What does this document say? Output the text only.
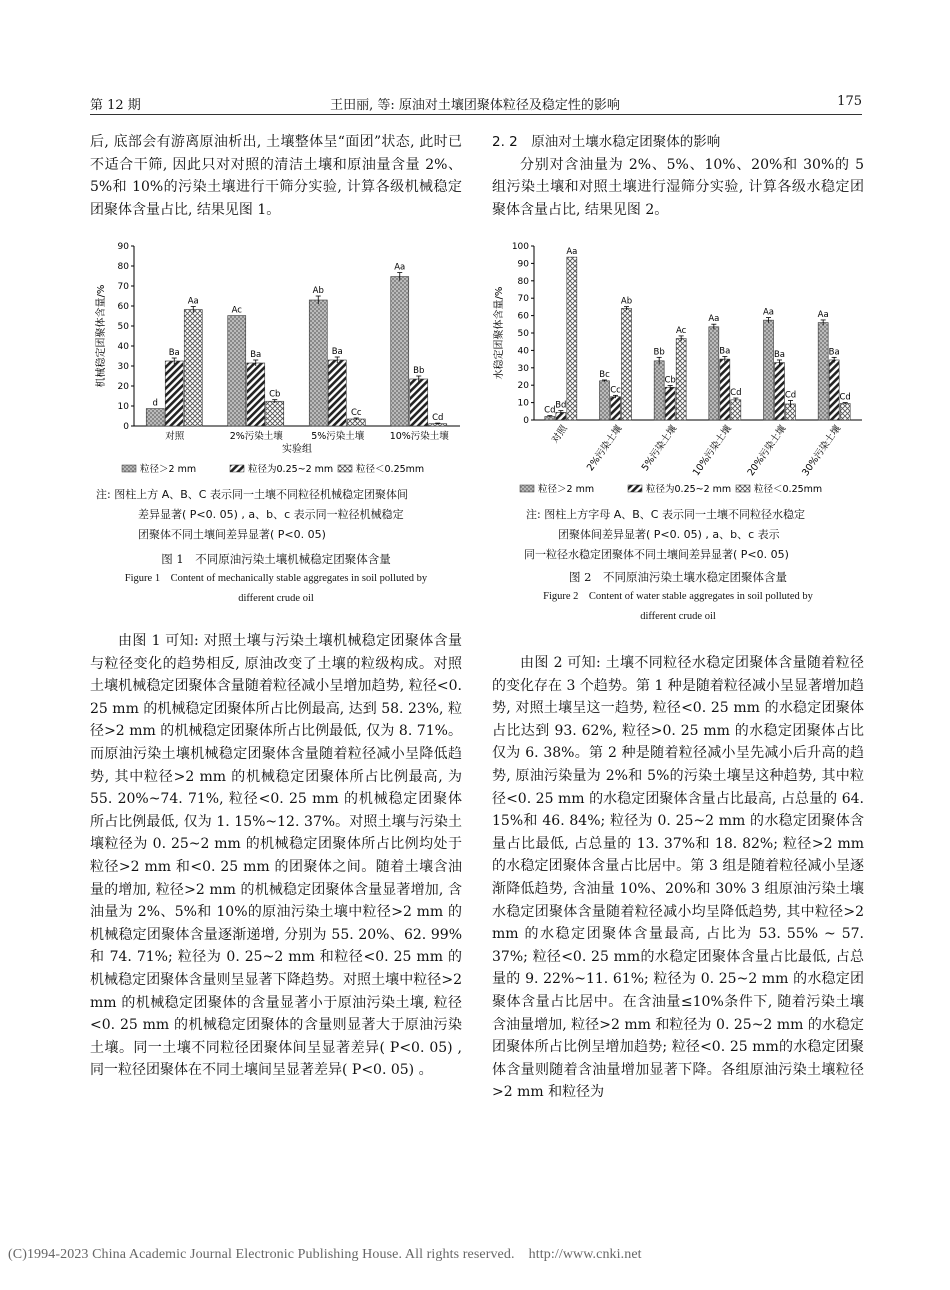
第 12 期	王田丽, 等: 原油对土壤团聚体粒径及稳定性的影响	175

后, 底部会有游离原油析出, 土壤整体呈“面团”状态, 此时已不适合干筛, 因此只对对照的清洁土壤和原油量含量 2%、5%和 10%的污染土壤进行干筛分实验, 计算各级机械稳定团聚体含量占比, 结果见图 1。

0
10
20
30
40
50
60
70
80
90
机械稳定团聚体含量/%
d
Ba
Aa
对照
Ac
Ba
Cb
2%污染土壤
Ab
Ba
Cc
5%污染土壤
Aa
Bb
Cd
10%污染土壤
实验组
粒径＞2 mm	粒径为0.25~2 mm 粒径＜0.25mm
注: 图柱上方 A、B、C 表示同一土壤不同粒径机械稳定团聚体间
差异显著( P<0. 05) , a、b、c 表示同一粒径机械稳定
团聚体不同土壤间差异显著( P<0. 05)
图 1　不同原油污染土壤机械稳定团聚体含量
Figure 1　Content of mechanically stable aggregates in soil polluted by
different crude oil

由图 1 可知: 对照土壤与污染土壤机械稳定团聚体含量与粒径变化的趋势相反, 原油改变了土壤的粒级构成。对照土壤机械稳定团聚体含量随着粒径减小呈增加趋势, 粒径<0. 25 mm 的机械稳定团聚体所占比例最高, 达到 58. 23%, 粒径>2 mm 的机械稳定团聚体所占比例最低, 仅为 8. 71%。而原油污染土壤机械稳定团聚体含量随着粒径减小呈降低趋势, 其中粒径>2 mm 的机械稳定团聚体所占比例最高, 为 55. 20%~74. 71%, 粒径<0. 25 mm 的机械稳定团聚体所占比例最低, 仅为 1. 15%~12. 37%。对照土壤与污染土壤粒径为 0. 25~2 mm 的机械稳定团聚体所占比例均处于粒径>2 mm 和<0. 25 mm 的团聚体之间。随着土壤含油量的增加, 粒径>2 mm 的机械稳定团聚体含量显著增加, 含油量为 2%、5%和 10%的原油污染土壤中粒径>2 mm 的机械稳定团聚体含量逐渐递增, 分别为 55. 20%、62. 99%和 74. 71%; 粒径为 0. 25~2 mm 和粒径<0. 25 mm 的机械稳定团聚体含量则呈显著下降趋势。对照土壤中粒径>2 mm 的机械稳定团聚体的含量显著小于原油污染土壤, 粒径<0. 25 mm 的机械稳定团聚体的含量则显著大于原油污染土壤。同一土壤不同粒径团聚体间呈显著差异( P<0. 05) , 同一粒径团聚体在不同土壤间呈显著差异( P<0. 05) 。

2. 2　原油对土壤水稳定团聚体的影响

分别对含油量为 2%、5%、10%、20%和 30%的 5 组污染土壤和对照土壤进行湿筛分实验, 计算各级水稳定团聚体含量占比, 结果见图 2。

0
10
20
30
40
50
60
70
80
90
100
水稳定团聚体含量/%
Cd
Bd
Aa
对照
Bc
Cc
Ab
2%污染土壤
Bb
Cb
Ac
5%污染土壤
Aa
Ba
Cd
10%污染土壤
Aa
Ba
Cd
20%污染土壤
Aa
Ba
Cd
30%污染土壤
粒径＞2 mm	粒径为0.25~2 mm 粒径＜0.25mm
注: 图柱上方字母 A、B、C 表示同一土壤不同粒径水稳定
团聚体间差异显著( P<0. 05) , a、b、c 表示
同一粒径水稳定团聚体不同土壤间差异显著( P<0. 05)
图 2　不同原油污染土壤水稳定团聚体含量
Figure 2　Content of water stable aggregates in soil polluted by
different crude oil

由图 2 可知: 土壤不同粒径水稳定团聚体含量随着粒径的变化存在 3 个趋势。第 1 种是随着粒径减小呈显著增加趋势, 对照土壤呈这一趋势, 粒径<0. 25 mm 的水稳定团聚体占比达到 93. 62%, 粒径>0. 25 mm 的水稳定团聚体占比仅为 6. 38%。第 2 种是随着粒径减小呈先减小后升高的趋势, 原油污染量为 2%和 5%的污染土壤呈这种趋势, 其中粒径<0. 25 mm 的水稳定团聚体含量占比最高, 占总量的 64. 15%和 46. 84%; 粒径为 0. 25~2 mm 的水稳定团聚体含量占比最低, 占总量的 13. 37%和 18. 82%; 粒径>2 mm 的水稳定团聚体含量占比居中。第 3 组是随着粒径减小呈逐渐降低趋势, 含油量 10%、20%和 30% 3 组原油污染土壤水稳定团聚体含量随着粒径减小均呈降低趋势, 其中粒径>2 mm 的水稳定团聚体含量最高, 占比为 53. 55% ~ 57. 37%; 粒径<0. 25 mm的水稳定团聚体含量占比最低, 占总量的 9. 22%~11. 61%; 粒径为 0. 25~2 mm 的水稳定团聚体含量占比居中。在含油量≤10%条件下, 随着污染土壤含油量增加, 粒径>2 mm 和粒径为 0. 25~2 mm 的水稳定团聚体所占比例呈增加趋势; 粒径<0. 25 mm的水稳定团聚体含量则随着含油量增加显著下降。各组原油污染土壤粒径>2 mm 和粒径为

(C)1994-2023 China Academic Journal Electronic Publishing House. All rights reserved.　http://www.cnki.net
